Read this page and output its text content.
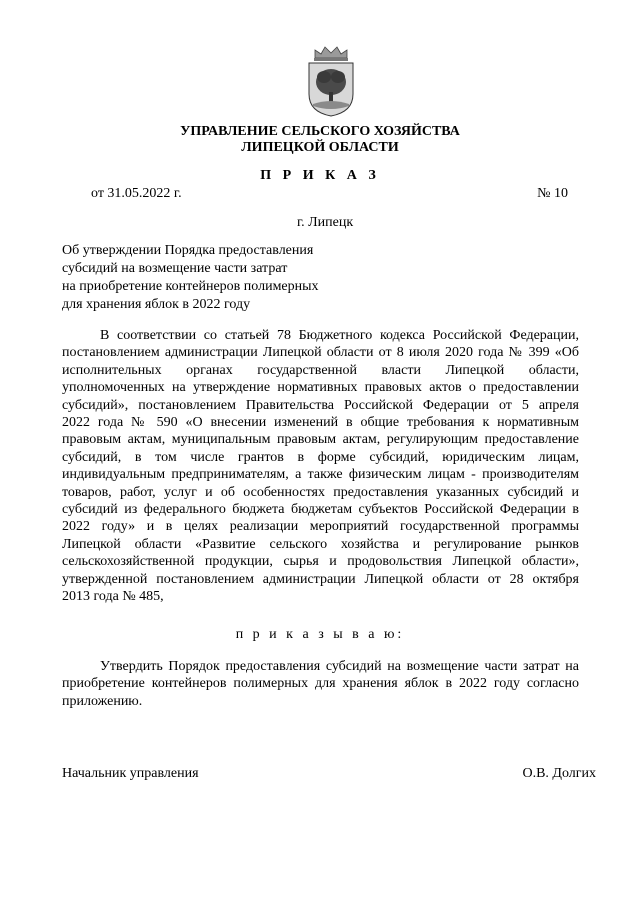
УПРАВЛЕНИЕ СЕЛЬСКОГО ХОЗЯЙСТВА
ЛИПЕЦКОЙ ОБЛАСТИ
П Р И К А З
от 31.05.2022 г.	№ 10
г. Липецк
Об утверждении Порядка предоставления
субсидий на возмещение части затрат
на приобретение контейнеров полимерных
для хранения яблок в 2022 году
В соответствии со статьей 78 Бюджетного кодекса Российской Федерации,
постановлением администрации Липецкой области от 8 июля 2020 года № 399 «Об
исполнительных органах государственной власти Липецкой области,
уполномоченных на утверждение нормативных правовых актов о предоставлении
субсидий», постановлением Правительства Российской Федерации от 5 апреля
2022 года № 590 «О внесении изменений в общие требования к нормативным
правовым актам, муниципальным правовым актам, регулирующим предоставление
субсидий, в том числе грантов в форме субсидий, юридическим лицам,
индивидуальным предпринимателям, а также физическим лицам - производителям
товаров, работ, услуг и об особенностях предоставления указанных субсидий и
субсидий из федерального бюджета бюджетам субъектов Российской Федерации в
2022 году» и в целях реализации мероприятий государственной программы
Липецкой области «Развитие сельского хозяйства и регулирование рынков
сельскохозяйственной продукции, сырья и продовольствия Липецкой области»,
утвержденной постановлением администрации Липецкой области от 28 октября
2013 года № 485,
п р и к а з ы в а ю:
Утвердить Порядок предоставления субсидий на возмещение части затрат на
приобретение контейнеров полимерных для хранения яблок в 2022 году согласно
приложению.
Начальник управления	О.В. Долгих
